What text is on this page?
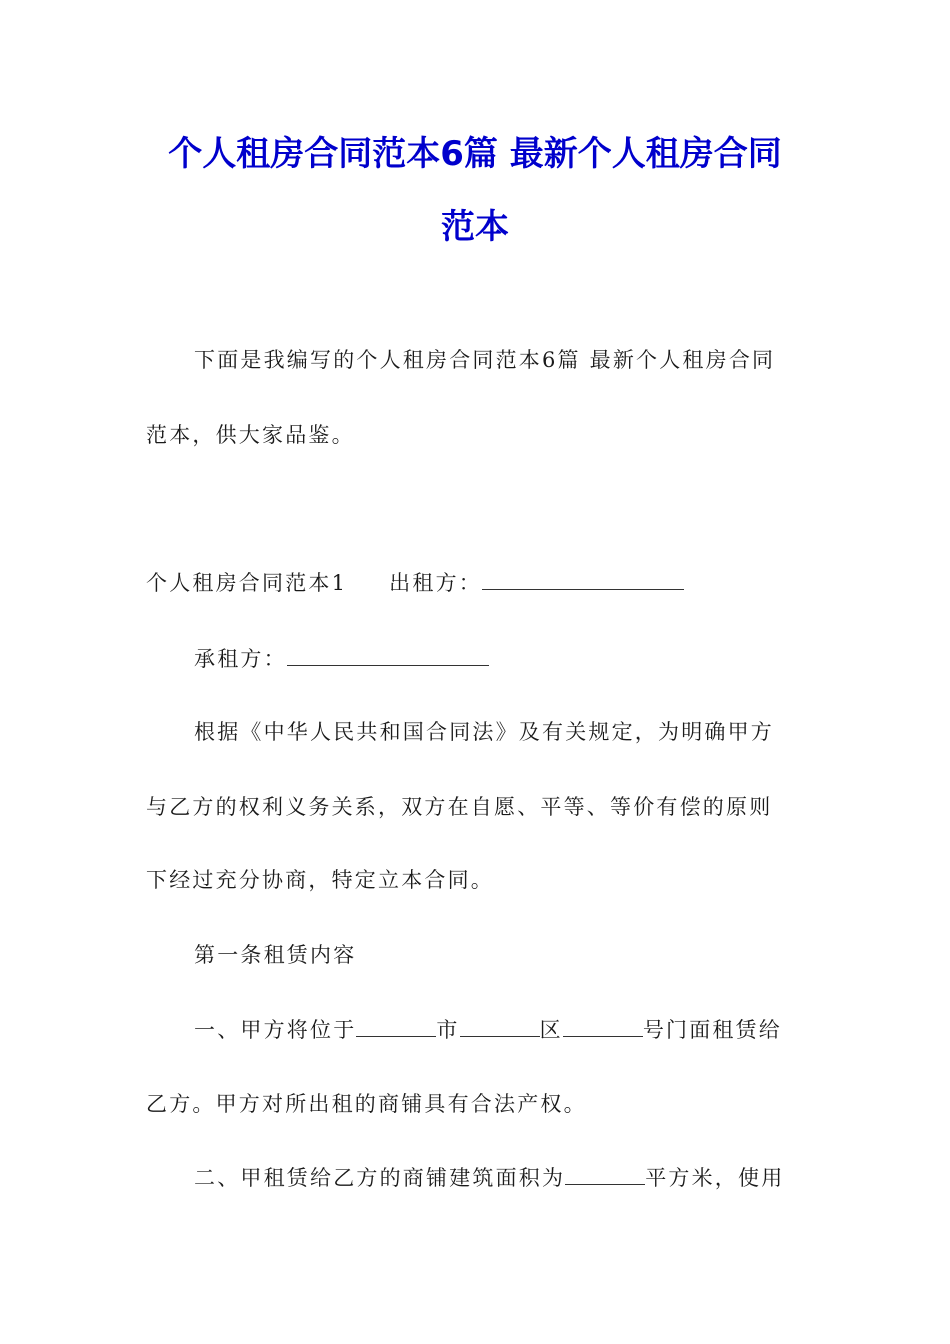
个人租房合同范本6篇 最新个人租房合同
范本
下面是我编写的个人租房合同范本6篇 最新个人租房合同
范本，供大家品鉴。
个人租房合同范本1 出租方：
承租方：
根据《中华人民共和国合同法》及有关规定，为明确甲方
与乙方的权利义务关系，双方在自愿、平等、等价有偿的原则
下经过充分协商，特定立本合同。
第一条租赁内容
一、甲方将位于	市	区	号门面租赁给
乙方。甲方对所出租的商铺具有合法产权。
二、甲租赁给乙方的商铺建筑面积为	平方米，使用
